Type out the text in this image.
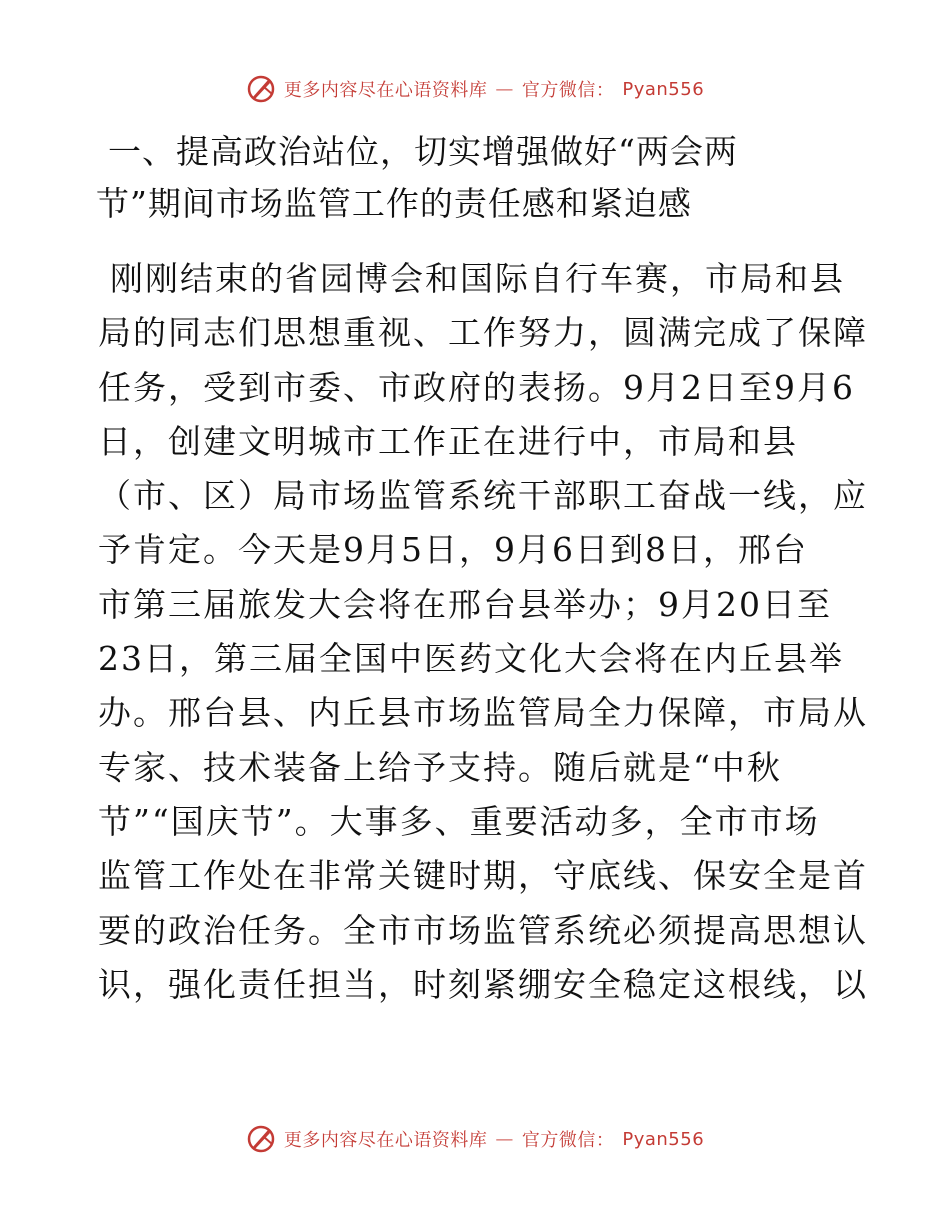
更多内容尽在心语资料库 — 官方微信： Pyan556
一、提高政治站位，切实增强做好“两会两
节”期间市场监管工作的责任感和紧迫感

刚刚结束的省园博会和国际自行车赛，市局和县
局的同志们思想重视、工作努力，圆满完成了保障
任务，受到市委、市政府的表扬。9月2日至9月6
日，创建文明城市工作正在进行中，市局和县
（市、区）局市场监管系统干部职工奋战一线，应
予肯定。今天是9月5日，9月6日到8日，邢台
市第三届旅发大会将在邢台县举办；9月20日至
23日，第三届全国中医药文化大会将在内丘县举
办。邢台县、内丘县市场监管局全力保障，市局从
专家、技术装备上给予支持。随后就是“中秋
节”“国庆节”。大事多、重要活动多，全市市场
监管工作处在非常关键时期，守底线、保安全是首
要的政治任务。全市市场监管系统必须提高思想认
识，强化责任担当，时刻紧绷安全稳定这根线，以

更多内容尽在心语资料库 — 官方微信： Pyan556
